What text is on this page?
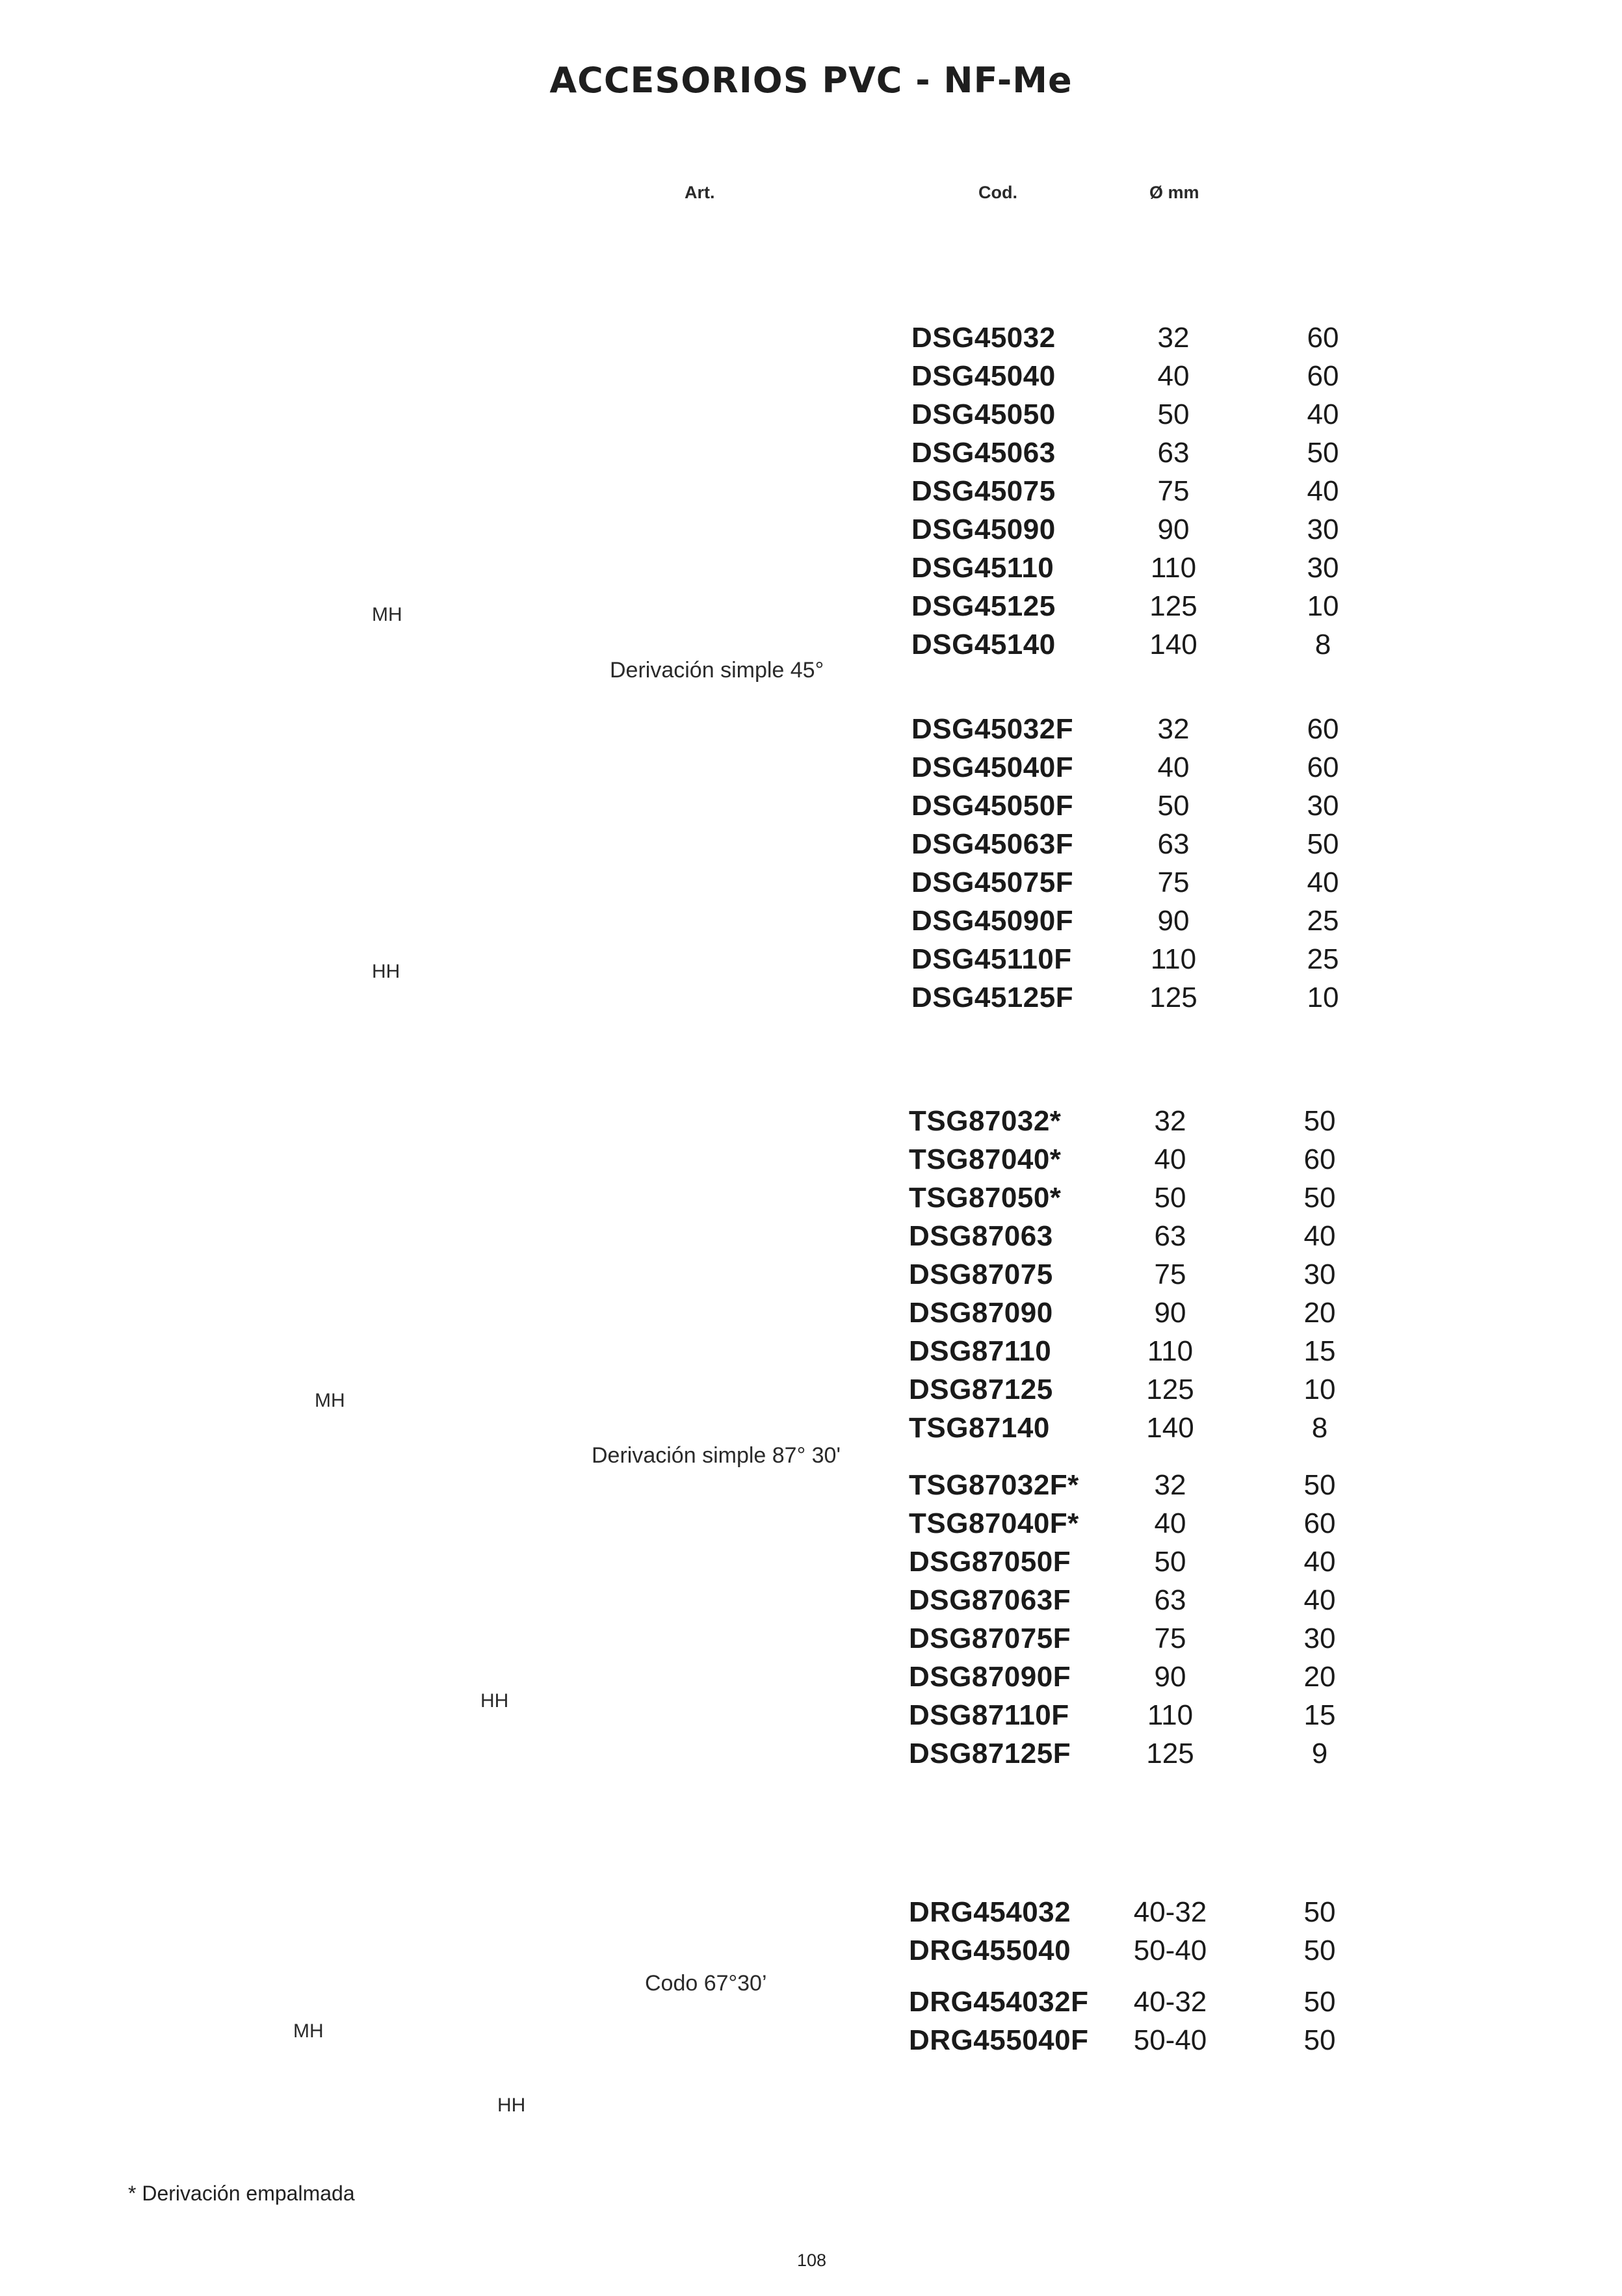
ACCESORIOS PVC - NF-Me
Art.	Cod.	Ø mm
MH
HH
Derivación simple 45°
MH
HH
Derivación simple 87° 30'
MH
HH
Codo 67°30’
DSG45032	32	60
DSG45040	40	60
DSG45050	50	40
DSG45063	63	50
DSG45075	75	40
DSG45090	90	30
DSG45110	110	30
DSG45125	125	10
DSG45140	140	8
DSG45032F	32	60
DSG45040F	40	60
DSG45050F	50	30
DSG45063F	63	50
DSG45075F	75	40
DSG45090F	90	25
DSG45110F	110	25
DSG45125F	125	10
TSG87032*	32	50
TSG87040*	40	60
TSG87050*	50	50
DSG87063	63	40
DSG87075	75	30
DSG87090	90	20
DSG87110	110	15
DSG87125	125	10
TSG87140	140	8
TSG87032F*	32	50
TSG87040F*	40	60
DSG87050F	50	40
DSG87063F	63	40
DSG87075F	75	30
DSG87090F	90	20
DSG87110F	110	15
DSG87125F	125	9
DRG454032	40-32	50
DRG455040	50-40	50
DRG454032F	40-32	50
DRG455040F	50-40	50
* Derivación empalmada
108
